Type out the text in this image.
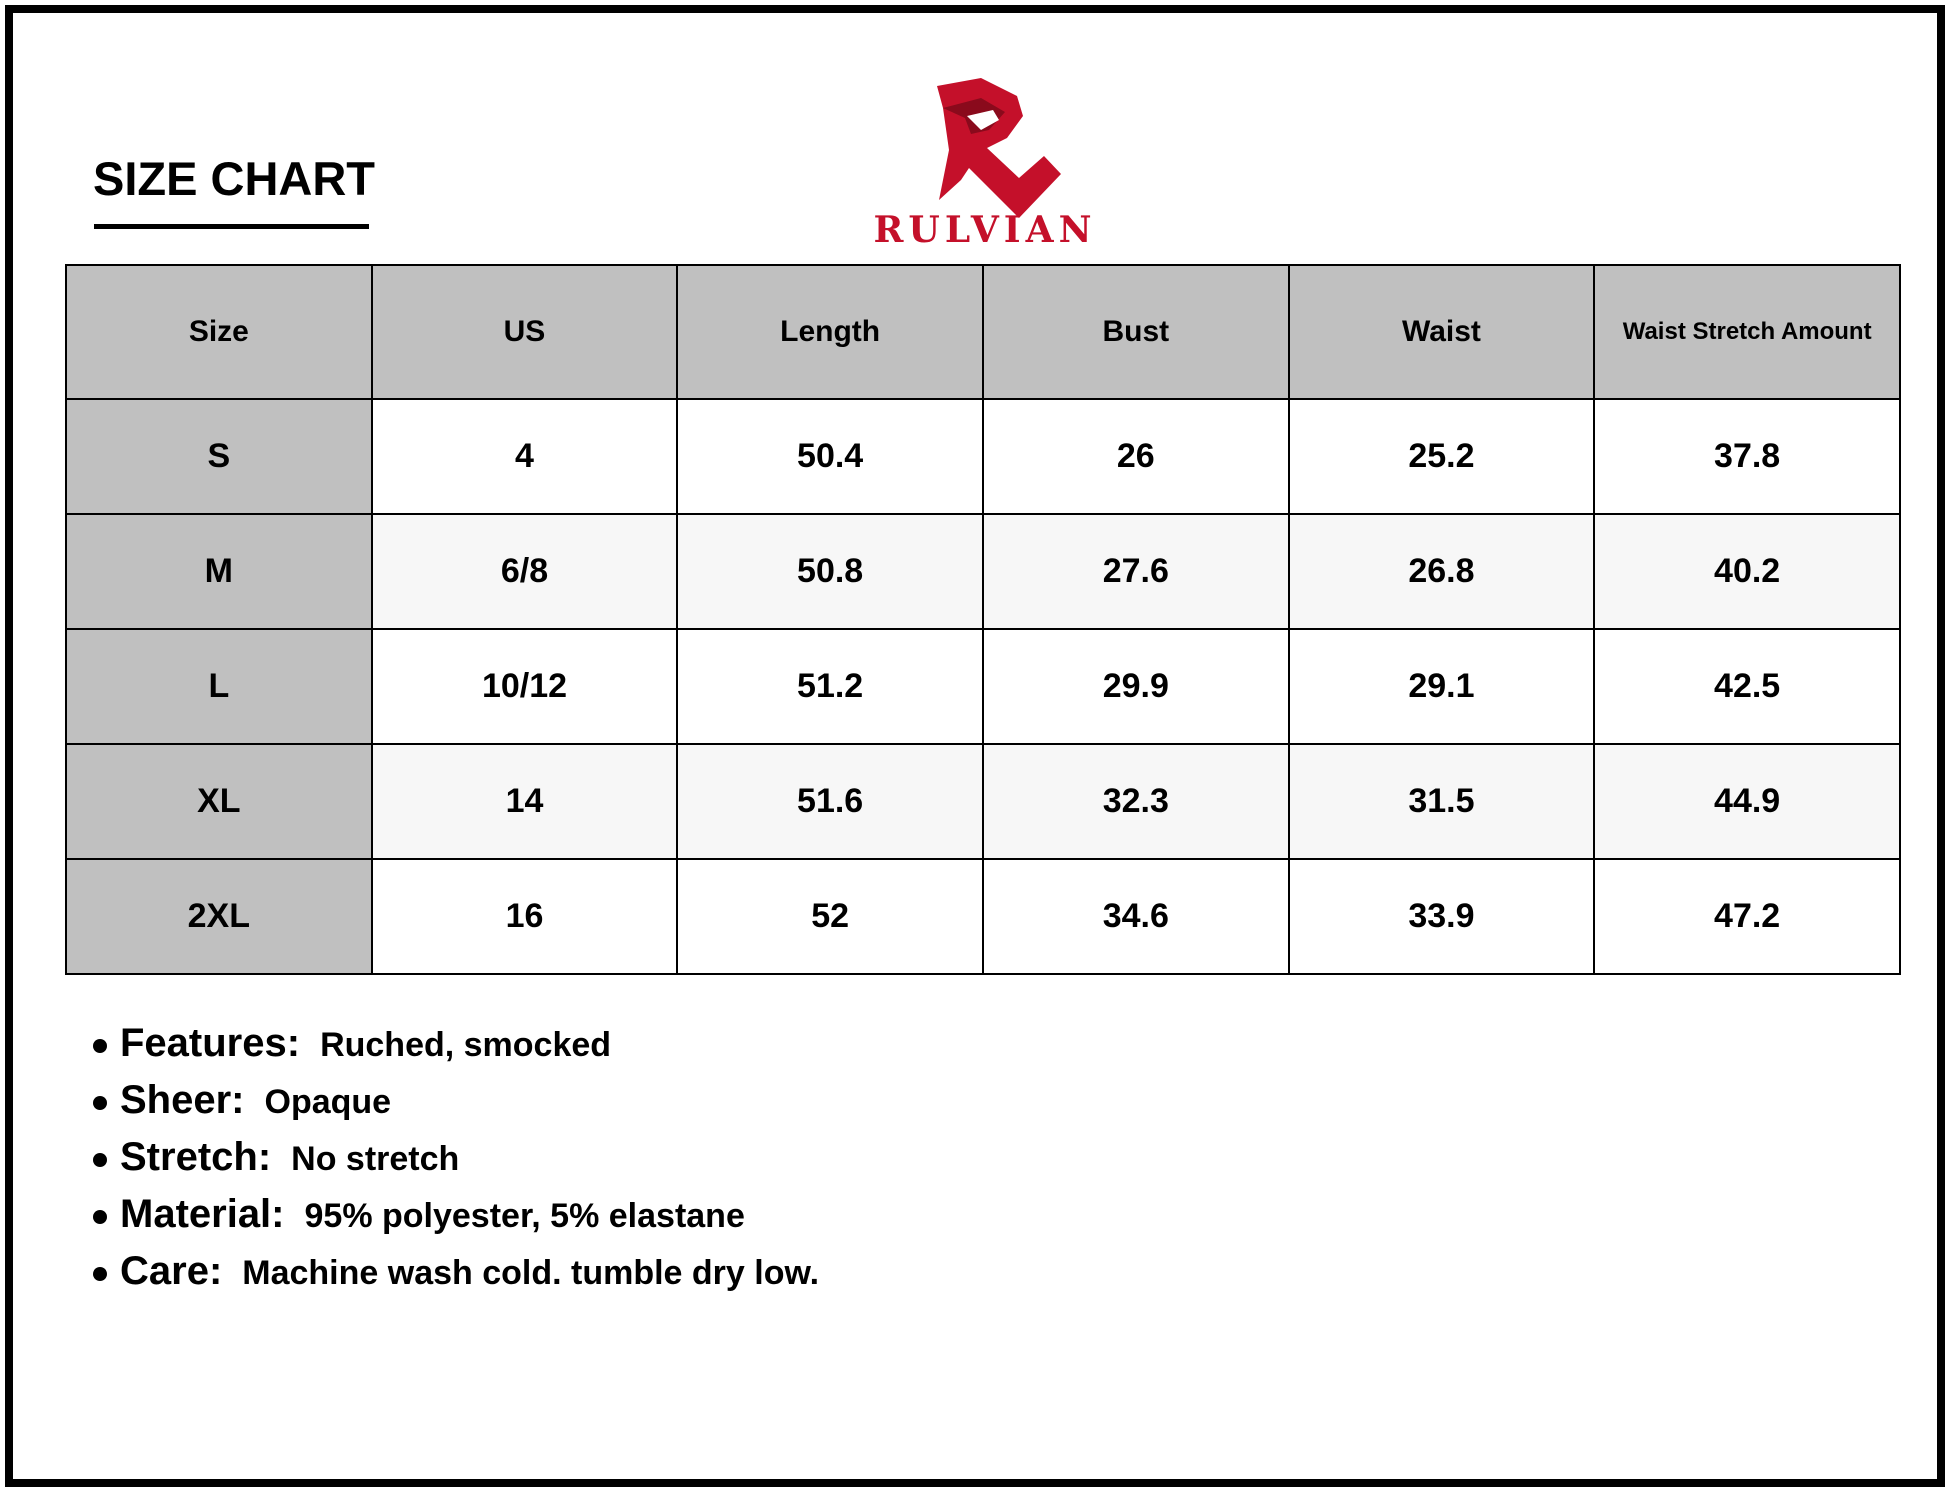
SIZE CHART
RULVIAN
Size	US	Length	Bust	Waist	Waist Stretch Amount
S	4	50.4	26	25.2	37.8
M	6/8	50.8	27.6	26.8	40.2
L	10/12	51.2	29.9	29.1	42.5
XL	14	51.6	32.3	31.5	44.9
2XL	16	52	34.6	33.9	47.2
Features: Ruched, smocked
Sheer: Opaque
Stretch: No stretch
Material: 95% polyester, 5% elastane
Care: Machine wash cold. tumble dry low.
